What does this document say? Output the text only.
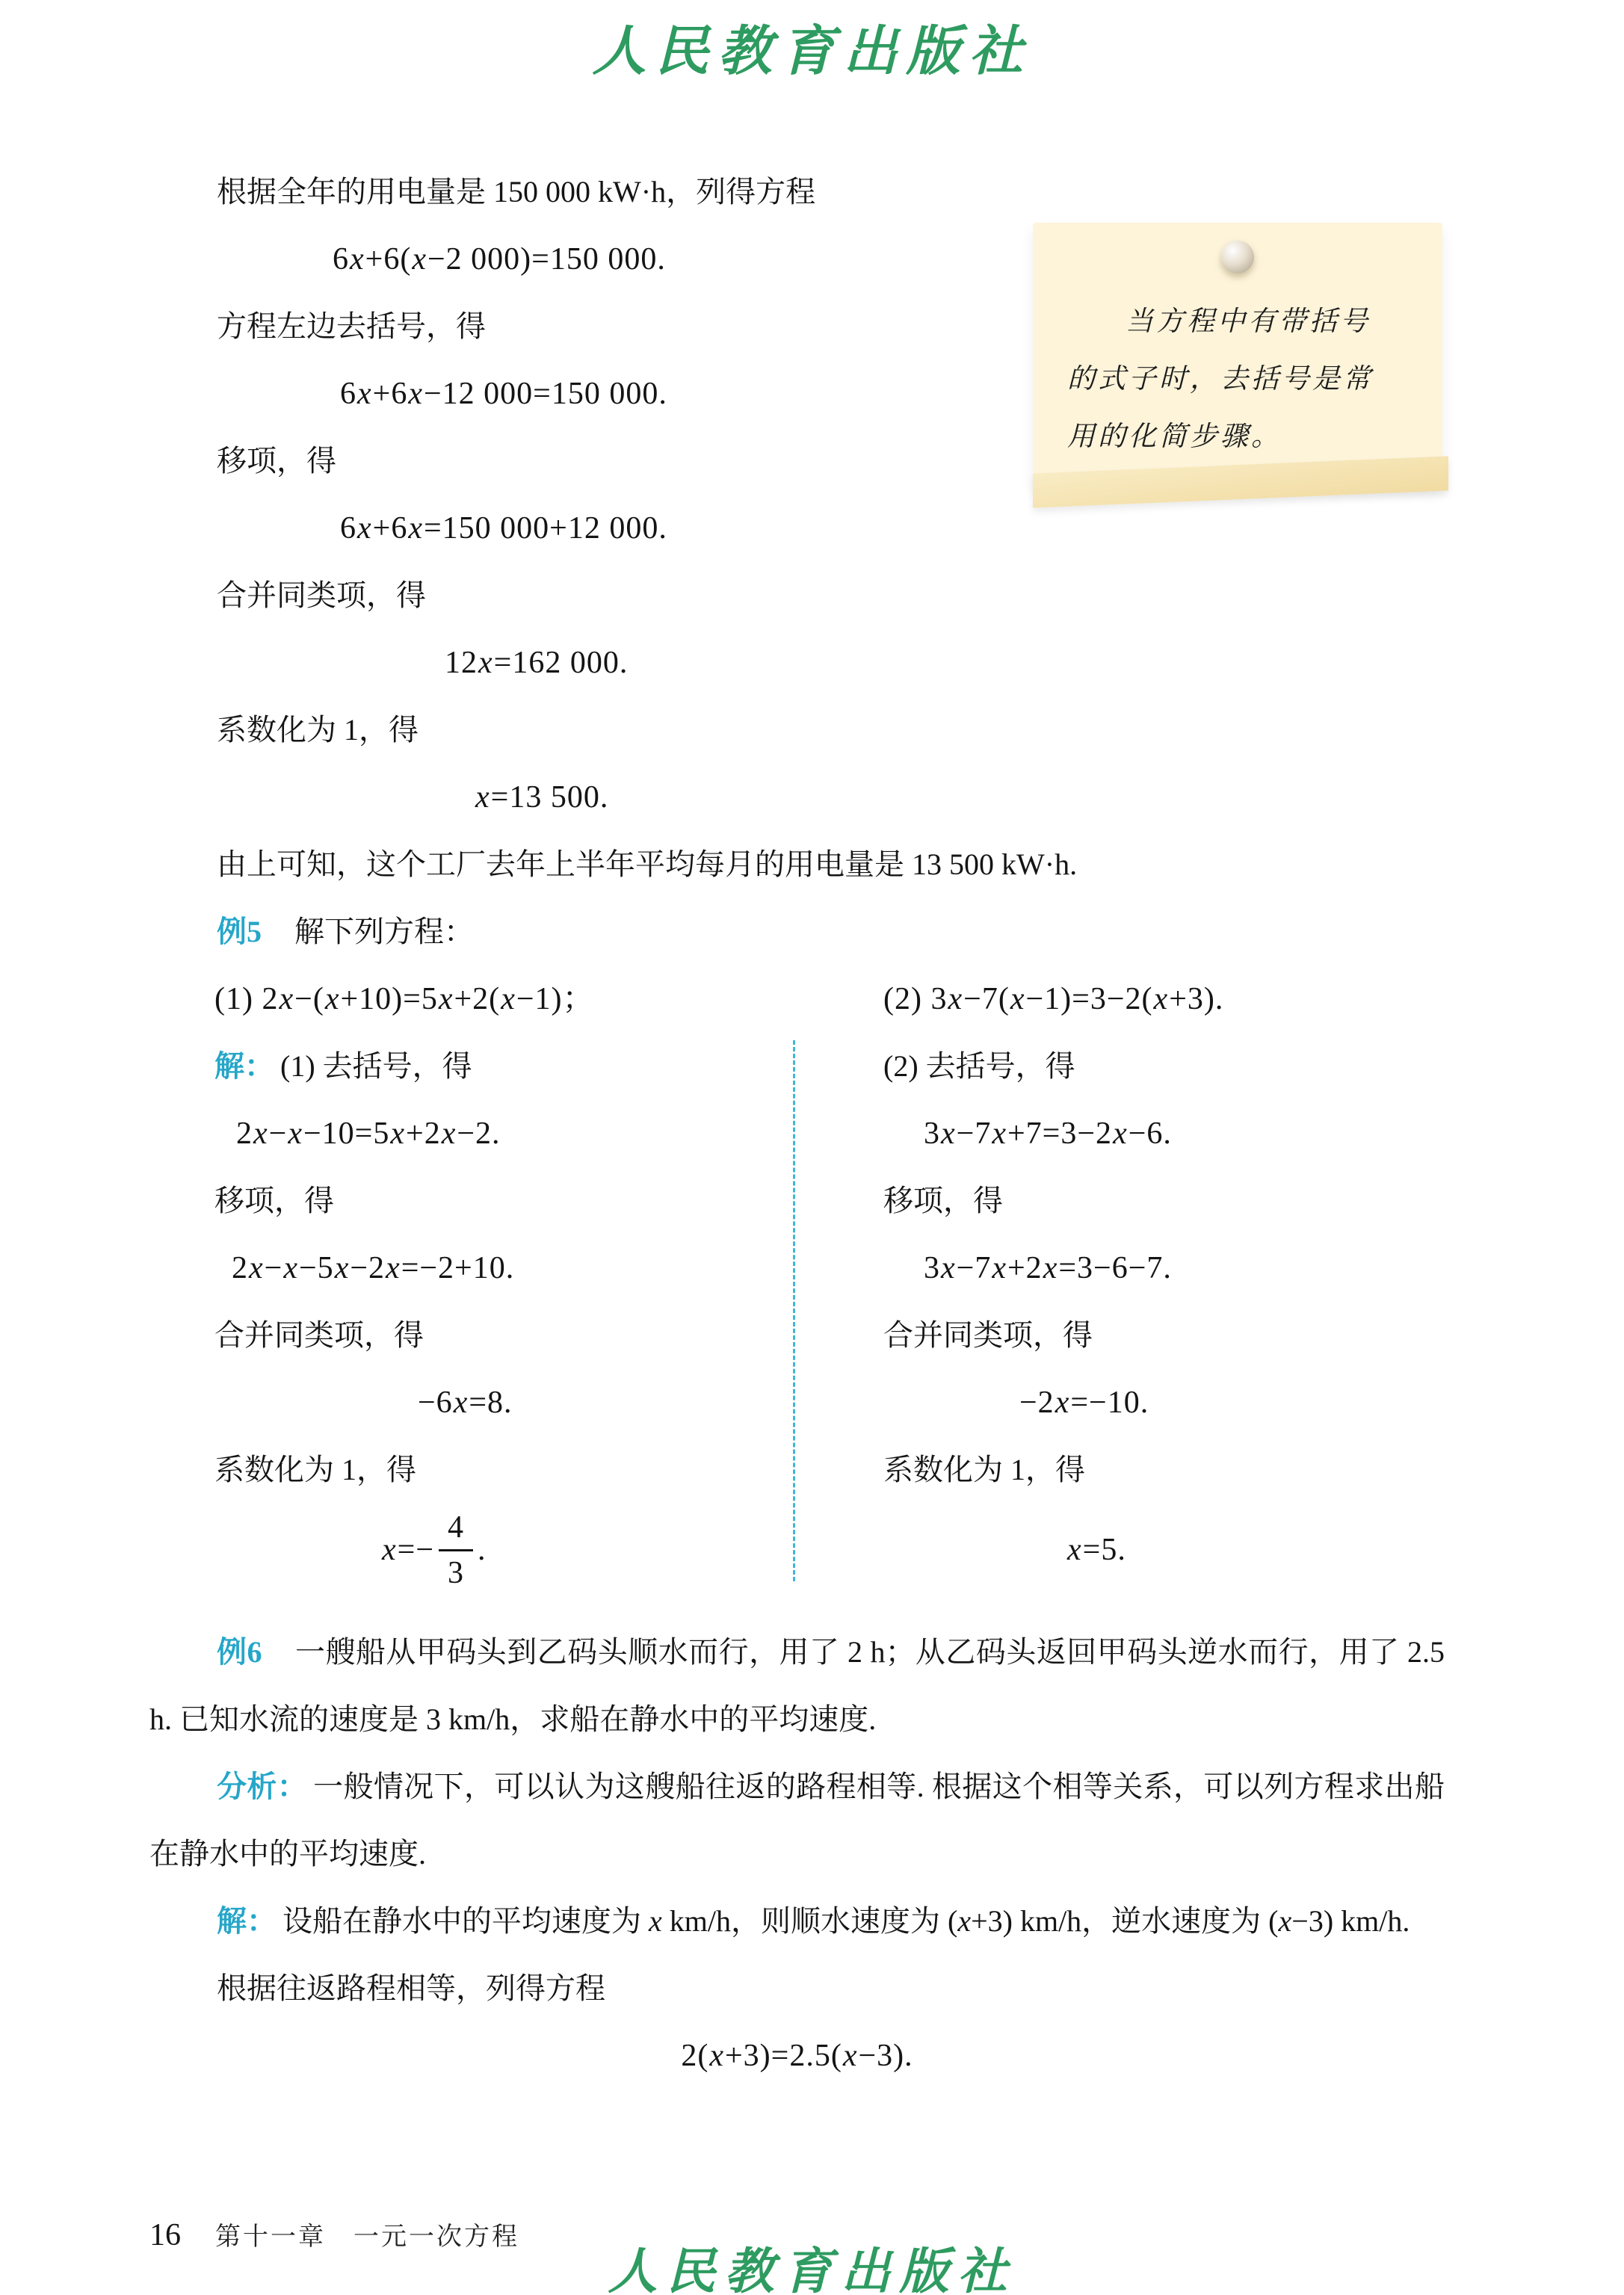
人民教育出版社
当方程中有带括号
的式子时，去括号是常
用的化简步骤。

根据全年的用电量是 150 000 kW·h，列得方程

6x+6(x−2 000)=150 000.

方程左边去括号，得

6x+6x−12 000=150 000.

移项，得

6x+6x=150 000+12 000.

合并同类项，得

12x=162 000.

系数化为 1，得

x=13 500.

由上可知，这个工厂去年上半年平均每月的用电量是 13 500 kW·h.

例5 解下列方程：

(1) 2x−(x+10)=5x+2(x−1)；	(2) 3x−7(x−1)=3−2(x+3).

解： (1) 去括号，得

2x−x−10=5x+2x−2.

移项，得

2x−x−5x−2x=−2+10.

合并同类项，得

−6x=8.

系数化为 1，得

$x=- \frac{4}{3}$ .

(2) 去括号，得

3x−7x+7=3−2x−6.

移项，得

3x−7x+2x=3−6−7.

合并同类项，得

−2x=−10.

系数化为 1，得

x=5.

例6 一艘船从甲码头到乙码头顺水而行，用了 2 h；从乙码头返回甲码头逆水而行，用了 2.5 h. 已知水流的速度是 3 km/h，求船在静水中的平均速度.

分析： 一般情况下，可以认为这艘船往返的路程相等. 根据这个相等关系，可以列方程求出船在静水中的平均速度.

解： 设船在静水中的平均速度为 x km/h，则顺水速度为 (x+3) km/h，逆水速度为 (x−3) km/h.

根据往返路程相等，列得方程

2(x+3)=2.5(x−3).
16 第十一章　一元一次方程
人民教育出版社
